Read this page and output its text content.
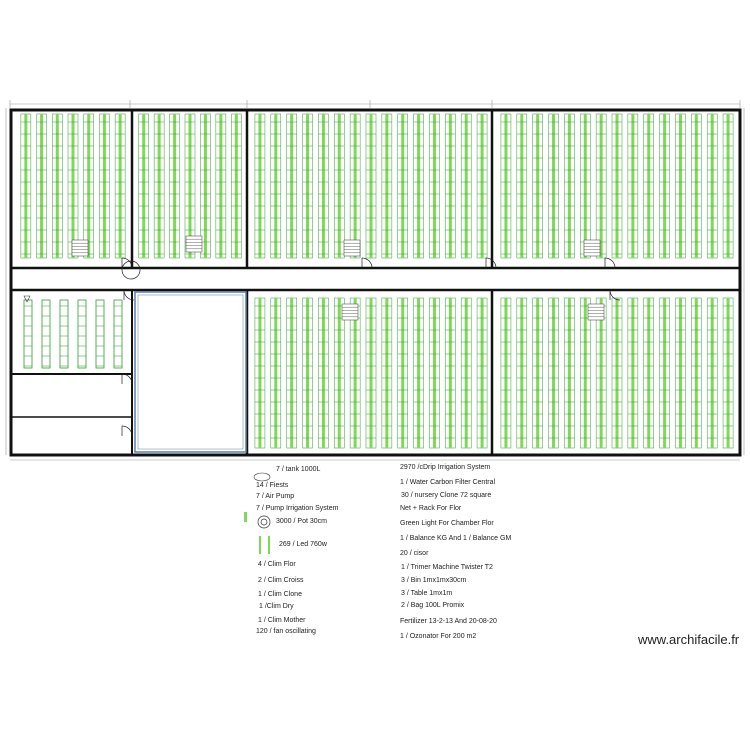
7 / tank 1000L
14 / Fiests
7 / Air Pump
7 / Pump Irrigation System
3000 / Pot 30cm
269 / Led 760w
4 / Clim Flor
2 / Clim Croiss
1 / Clim Clone
1 /Clim Dry
1 / Clim Mother
120 / fan oscillating
2970 /cDrip Irrigation System
1 / Water Carbon Filter Central
30 / nursery Clone 72 square
Net + Rack For Flor
Green Light For Chamber Flor
1 / Balance KG And 1 / Balance GM
20 / cisor
1 / Trimer Machine Twister T2
3 / Bin 1mx1mx30cm
3 / Table 1mx1m
2 / Bag 100L Promix
Fertilizer 13-2-13 And 20-08-20
1 / Ozonator For 200 m2	www.archifacile.fr
